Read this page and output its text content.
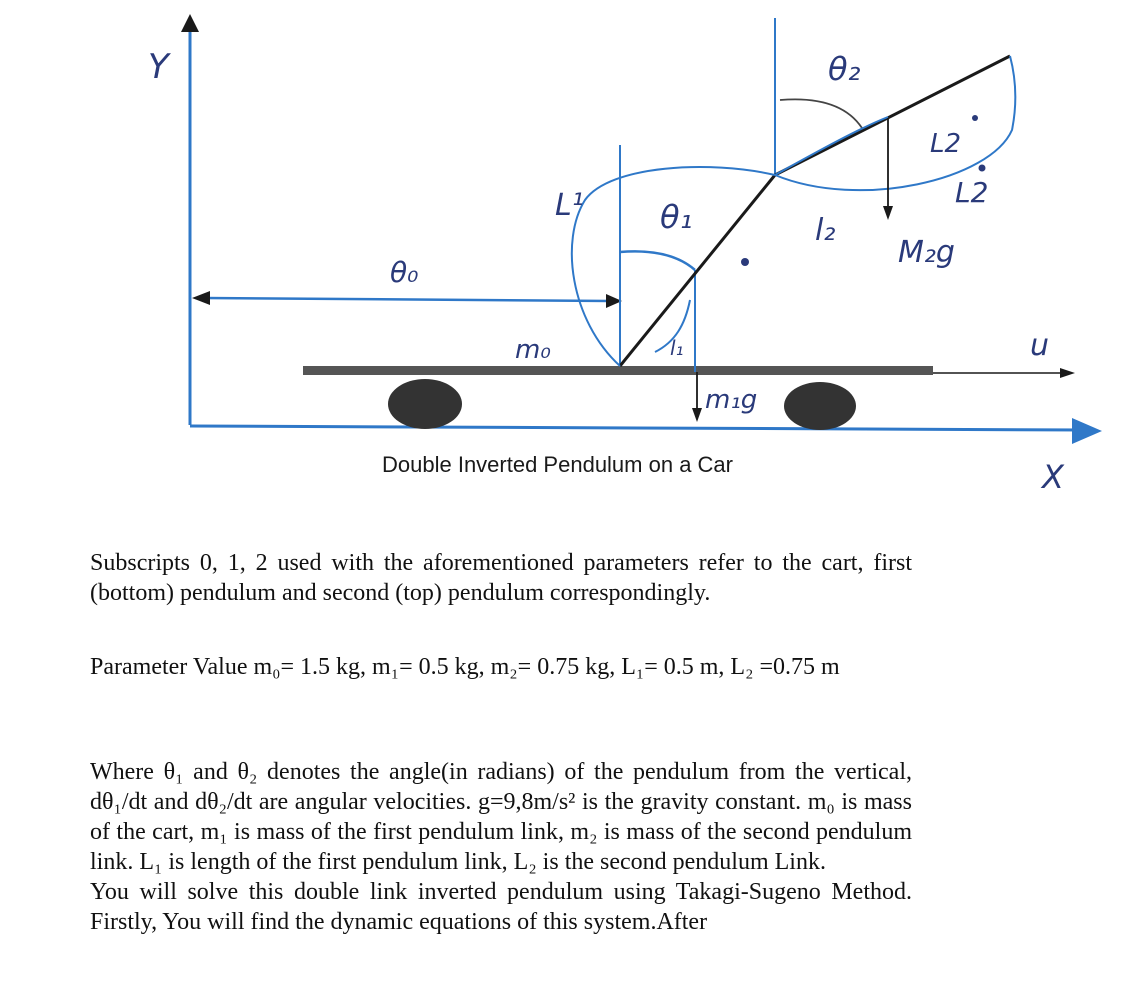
Y
X
θ₀
θ₁
θ₂
m₀
m₁g
M₂g
L¹
l₁
l₂
L2
L2
u
Double Inverted Pendulum on a Car

Subscripts 0, 1, 2 used with the aforementioned parameters refer to the cart, first (bottom) pendulum and second (top) pendulum correspondingly.

Parameter Value m₀= 1.5 kg, m₁= 0.5 kg, m₂= 0.75 kg, L₁= 0.5 m, L₂ =0.75 m

Where θ₁ and θ₂ denotes the angle(in radians) of the pendulum from the vertical, dθ₁/dt and dθ₂/dt are angular velocities. g=9,8m/s² is the gravity constant. m₀ is mass of the cart, m₁ is mass of the first pendulum link, m₂ is mass of the second pendulum link. L₁ is length of the first pendulum link, L₂ is the second pendulum Link.

You will solve this double link inverted pendulum using Takagi-Sugeno Method. Firstly, You will find the dynamic equations of this system.After
